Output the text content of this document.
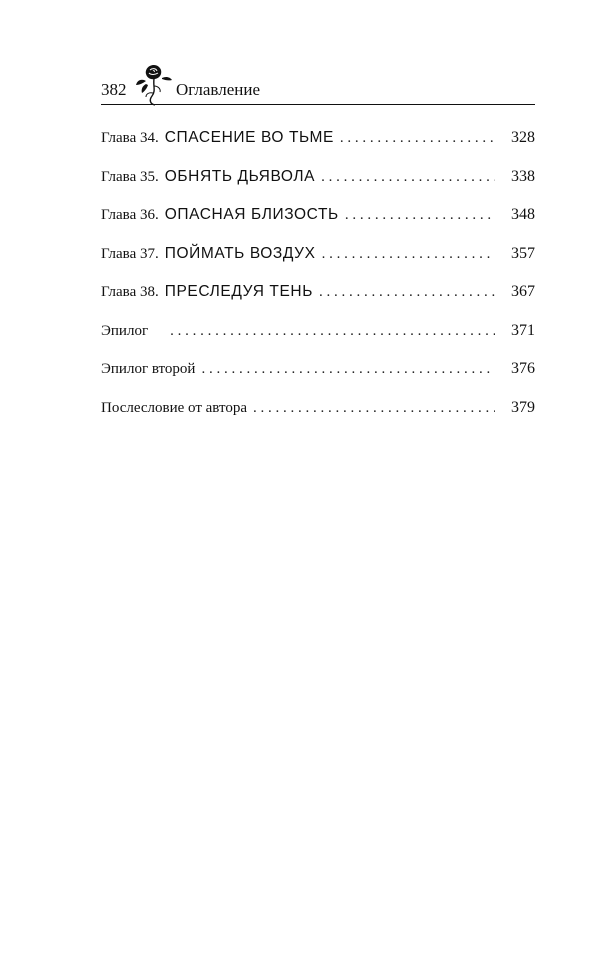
382	Оглавление
Глава 34. СПАСЕНИЕ ВО ТЬМЕ . . .	328
Глава 35. ОБНЯТЬ ДЬЯВОЛА . . .	338
Глава 36. ОПАСНАЯ БЛИЗОСТЬ . . .	348
Глава 37. ПОЙМАТЬ ВОЗДУХ . . .	357
Глава 38. ПРЕСЛЕДУЯ ТЕНЬ . . .	367
Эпилог . . .	371
Эпилог второй . . .	376
Послесловие от автора . . .	379
